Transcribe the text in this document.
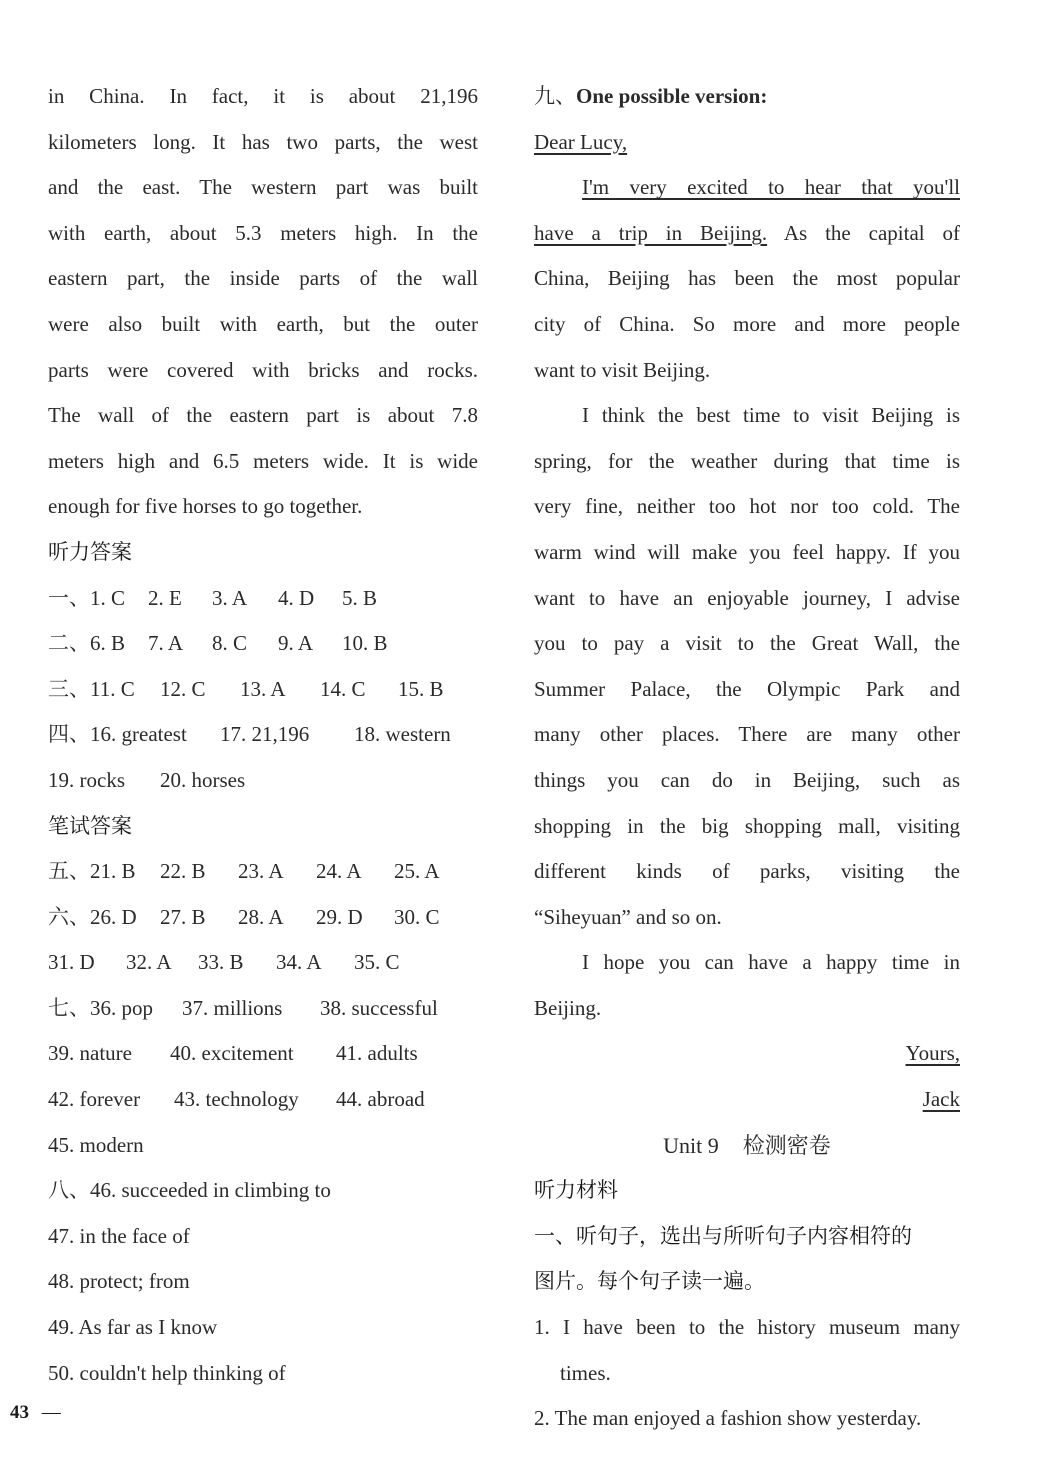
in China. In fact, it is about 21,196
kilometers long. It has two parts, the west
and the east. The western part was built
with earth, about 5.3 meters high. In the
eastern part, the inside parts of the wall
were also built with earth, but the outer
parts were covered with bricks and rocks.
The wall of the eastern part is about 7.8
meters high and 6.5 meters wide. It is wide
enough for five horses to go together.
听力答案
一、1. C	2. E	3. A	4. D	5. B
二、6. B	7. A	8. C	9. A	10. B
三、11. C	12. C	13. A	14. C	15. B
四、16. greatest	17. 21,196	18. western
19. rocks	20. horses
笔试答案
五、21. B	22. B	23. A	24. A	25. A
六、26. D	27. B	28. A	29. D	30. C
31. D	32. A	33. B	34. A	35. C
七、36. pop	37. millions	38. successful
39. nature	40. excitement	41. adults
42. forever	43. technology	44. abroad
45. modern
八、46. succeeded in climbing to
47. in the face of
48. protect; from
49. As far as I know
50. couldn't help thinking of
九、One possible version:
Dear Lucy,
I'm very excited to hear that you'll
have a trip in Beijing. As the capital of
China, Beijing has been the most popular
city of China. So more and more people
want to visit Beijing.
I think the best time to visit Beijing is
spring, for the weather during that time is
very fine, neither too hot nor too cold. The
warm wind will make you feel happy. If you
want to have an enjoyable journey, I advise
you to pay a visit to the Great Wall, the
Summer Palace, the Olympic Park and
many other places. There are many other
things you can do in Beijing, such as
shopping in the big shopping mall, visiting
different kinds of parks, visiting the
“Siheyuan” and so on.
I hope you can have a happy time in
Beijing.
Yours,
Jack
Unit 9 检测密卷
听力材料
一、听句子，选出与所听句子内容相符的
图片。每个句子读一遍。
1. I have been to the history museum many
times.
2. The man enjoyed a fashion show yesterday.
43 —
